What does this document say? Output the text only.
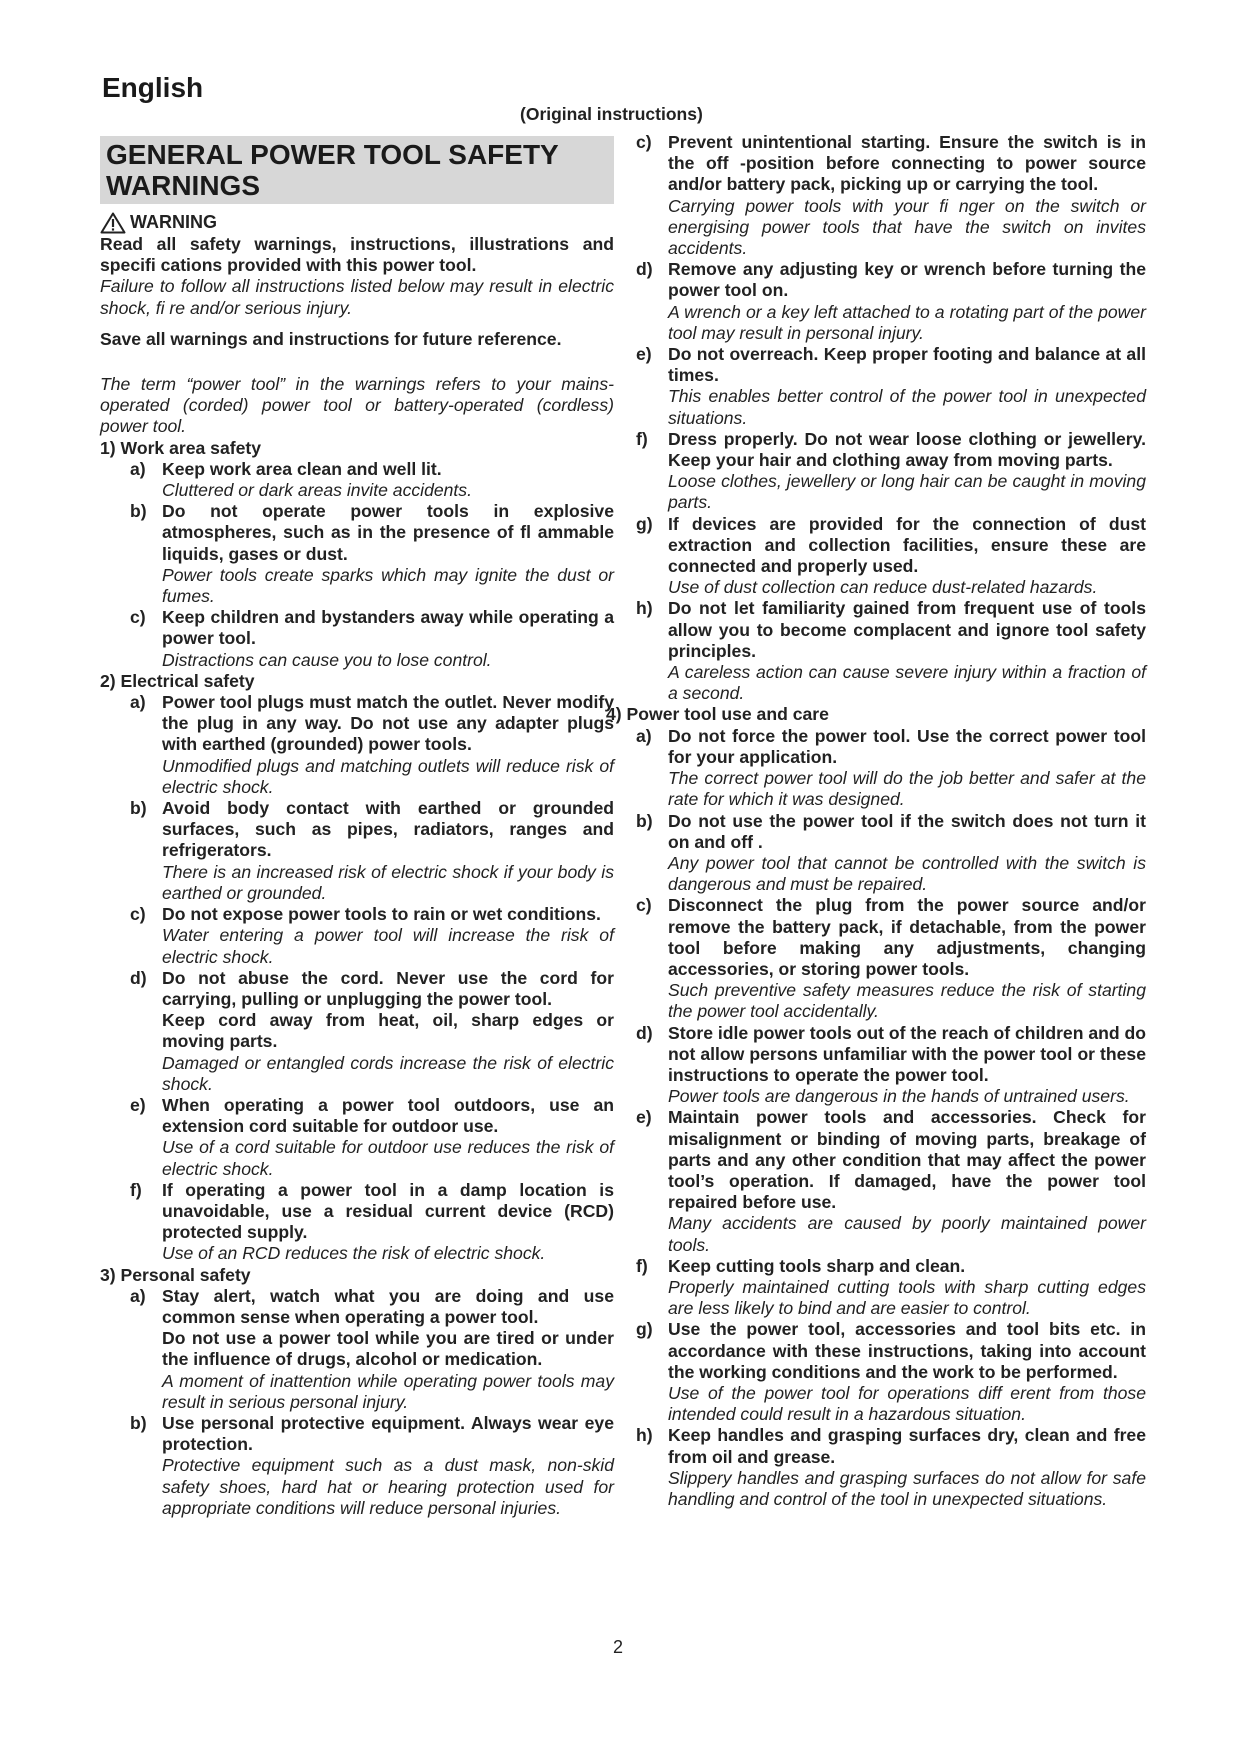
English
(Original instructions)
GENERAL POWER TOOL SAFETY
WARNINGS
WARNING

Read all safety warnings, instructions, illustrations and specifi cations provided with this power tool.

Failure to follow all instructions listed below may result in electric shock, fi re and/or serious injury.

Save all warnings and instructions for future reference.

The term “power tool” in the warnings refers to your mains-operated (corded) power tool or battery-operated (cordless) power tool.

1) Work area safety

a) Keep work area clean and well lit.
Cluttered or dark areas invite accidents.
b) Do not operate power tools in explosive atmospheres, such as in the presence of fl ammable liquids, gases or dust.
Power tools create sparks which may ignite the dust or fumes.
c) Keep children and bystanders away while operating a power tool.
Distractions can cause you to lose control.

2) Electrical safety

a) Power tool plugs must match the outlet. Never modify the plug in any way. Do not use any adapter plugs with earthed (grounded) power tools.
Unmodified plugs and matching outlets will reduce risk of electric shock.
b) Avoid body contact with earthed or grounded surfaces, such as pipes, radiators, ranges and refrigerators.
There is an increased risk of electric shock if your body is earthed or grounded.
c) Do not expose power tools to rain or wet conditions.
Water entering a power tool will increase the risk of electric shock.
d) Do not abuse the cord. Never use the cord for carrying, pulling or unplugging the power tool.
Keep cord away from heat, oil, sharp edges or moving parts.
Damaged or entangled cords increase the risk of electric shock.
e) When operating a power tool outdoors, use an extension cord suitable for outdoor use.
Use of a cord suitable for outdoor use reduces the risk of electric shock.
f)	If operating a power tool in a damp location is unavoidable, use a residual current device (RCD) protected supply.
Use of an RCD reduces the risk of electric shock.

3) Personal safety

a) Stay alert, watch what you are doing and use common sense when operating a power tool.
Do not use a power tool while you are tired or under the influence of drugs, alcohol or medication.
A moment of inattention while operating power tools may result in serious personal injury.
b) Use personal protective equipment. Always wear eye protection.
Protective equipment such as a dust mask, non-skid safety shoes, hard hat or hearing protection used for appropriate conditions will reduce personal injuries.
c) Prevent unintentional starting. Ensure the switch is in the off -position before connecting to power source and/or battery pack, picking up or carrying the tool.
Carrying power tools with your fi nger on the switch or energising power tools that have the switch on invites accidents.
d) Remove any adjusting key or wrench before turning the power tool on.
A wrench or a key left attached to a rotating part of the power tool may result in personal injury.
e) Do not overreach. Keep proper footing and balance at all times.
This enables better control of the power tool in unexpected situations.
f)	Dress properly. Do not wear loose clothing or jewellery. Keep your hair and clothing away from moving parts.
Loose clothes, jewellery or long hair can be caught in moving parts.
g) If devices are provided for the connection of dust extraction and collection facilities, ensure these are connected and properly used.
Use of dust collection can reduce dust-related hazards.
h) Do not let familiarity gained from frequent use of tools allow you to become complacent and ignore tool safety principles.
A careless action can cause severe injury within a fraction of a second.

4) Power tool use and care

a) Do not force the power tool. Use the correct power tool for your application.
The correct power tool will do the job better and safer at the rate for which it was designed.
b) Do not use the power tool if the switch does not turn it on and off .
Any power tool that cannot be controlled with the switch is dangerous and must be repaired.
c) Disconnect the plug from the power source and/or remove the battery pack, if detachable, from the power tool before making any adjustments, changing accessories, or storing power tools.
Such preventive safety measures reduce the risk of starting the power tool accidentally.
d) Store idle power tools out of the reach of children and do not allow persons unfamiliar with the power tool or these instructions to operate the power tool.
Power tools are dangerous in the hands of untrained users.
e) Maintain power tools and accessories. Check for misalignment or binding of moving parts, breakage of parts and any other condition that may affect the power tool’s operation. If damaged, have the power tool repaired before use.
Many accidents are caused by poorly maintained power tools.
f)	Keep cutting tools sharp and clean.
Properly maintained cutting tools with sharp cutting edges are less likely to bind and are easier to control.
g) Use the power tool, accessories and tool bits etc. in accordance with these instructions, taking into account the working conditions and the work to be performed.
Use of the power tool for operations diff erent from those intended could result in a hazardous situation.
h) Keep handles and grasping surfaces dry, clean and free from oil and grease.
Slippery handles and grasping surfaces do not allow for safe handling and control of the tool in unexpected situations.
2
